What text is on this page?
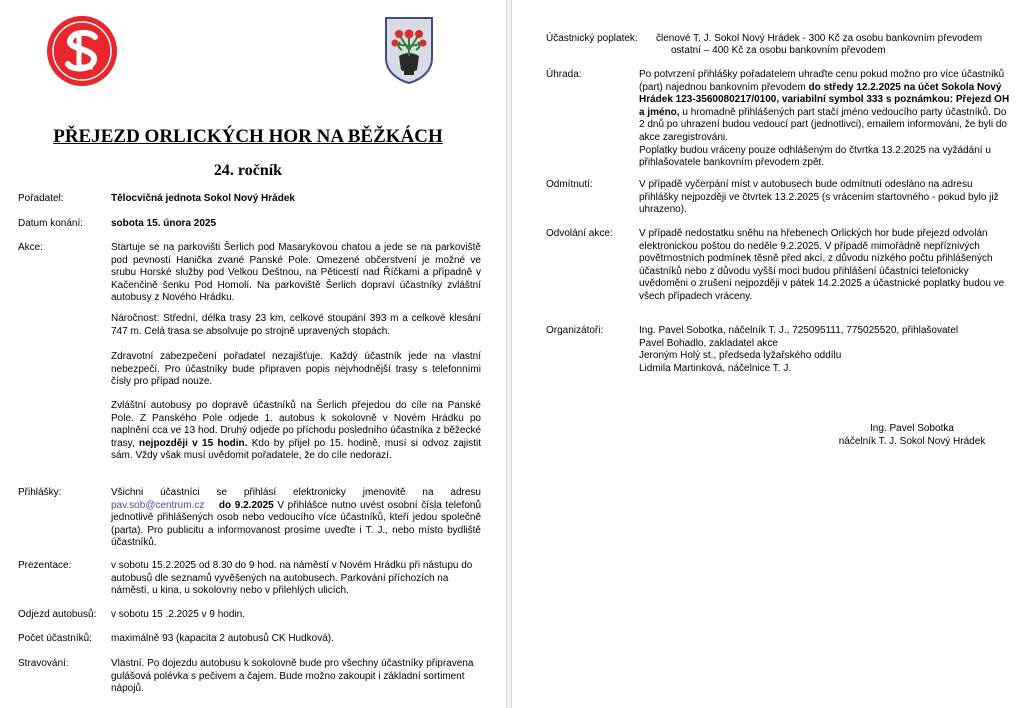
PŘEJEZD ORLICKÝCH HOR NA BĚŽKÁCH
24. ročník
Pořadatel:	Tělocvičná jednota Sokol Nový Hrádek
Datum konání:	sobota 15. února 2025
Akce:	Startuje se na parkovišti Šerlich pod Masarykovou chatou a jede se na parkoviště pod pevností Hanička zvané Panské Pole. Omezené občerstvení je možné ve srubu Horské služby pod Velkou Deštnou, na Pěticestí nad Říčkami a případně v Kačenčině šenku Pod Homolí. Na parkoviště Šerlich dopraví účastníky zvláštní autobusy z Nového Hrádku.
Náročnost: Střední, délka trasy 23 km, celkové stoupání 393 m a celkové klesání 747 m. Celá trasa se absolvuje po strojně upravených stopách.
Zdravotní zabezpečení pořadatel nezajišťuje. Každý účastník jede na vlastní nebezpečí. Pro účastníky bude připraven popis nejvhodnější trasy s telefonními čísly pro případ nouze.
Zvláštní autobusy po dopravě účastníků na Šerlich přejedou do cíle na Panské Pole. Z Panského Pole odjede 1. autobus k sokolovně v Novém Hrádku po naplnění cca ve 13 hod. Druhý odjede po příchodu posledního účastníka z běžecké trasy, nejpozději v 15 hodin. Kdo by přijel po 15. hodině, musí si odvoz zajistit sám. Vždy však musí uvědomit pořadatele, že do cíle nedorazí.
Přihlášky:	Všichni účastníci se přihlásí elektronicky jmenovitě na adresu pav.sob@centrum.cz do 9.2.2025 V přihlášce nutno uvést osobní čísla telefonů jednotlivě přihlášených osob nebo vedoucího více účastníků, kteří jedou společně (parta). Pro publicitu a informovanost prosíme uveďte i T. J., nebo místo bydliště účastníků.
Prezentace:	v sobotu 15.2.2025 od 8.30 do 9 hod. na náměstí v Novém Hrádku při nástupu do autobusů dle seznamů vyvěšených na autobusech. Parkování příchozích na náměstí, u kina, u sokolovny nebo v přilehlých ulicích.
Odjezd autobusů: v sobotu 15 .2.2025 v 9 hodin.
Počet účastníků: maximálně 93 (kapacita 2 autobusů CK Hudková).
Stravování:	Vlastní. Po dojezdu autobusu k sokolovně bude pro všechny účastníky připravena gulášová polévka s pečivem a čajem. Bude možno zakoupit i základní sortiment nápojů.
Účastnický poplatek: členové T. J. Sokol Nový Hrádek - 300 Kč za osobu bankovním převodem
ostatní – 400 Kč za osobu bankovním převodem
Úhrada:	Po potvrzení přihlášky pořadatelem uhraďte cenu pokud možno pro více účastníků (part) najednou bankovním převodem do středy 12.2.2025 na účet Sokola Nový Hrádek 123-3560080217/0100, variabilní symbol 333 s poznámkou: Přejezd OH a jméno, u hromadně přihlášených part stačí jméno vedoucího party účastníků. Do 2 dnů po uhrazení budou vedoucí part (jednotlivci), emailem informováni, že byli do akce zaregistrováni.
Poplatky budou vráceny pouze odhlášeným do čtvrtka 13.2.2025 na vyžádání u přihlašovatele bankovním převodem zpět.
Odmítnutí:	V případě vyčerpání míst v autobusech bude odmítnutí odesláno na adresu přihlášky nejpozději ve čtvrtek 13.2.2025 (s vrácením startovného - pokud bylo již uhrazeno).
Odvolání akce:	V případě nedostatku sněhu na hřebenech Orlických hor bude přejezd odvolán elektronickou poštou do neděle 9.2.2025. V případě mimořádně nepříznivých povětrnostních podmínek těsně před akcí, z důvodu nízkého počtu přihlášených účastníků nebo z důvodu vyšší moci budou přihlášení účastníci telefonicky uvědoměni o zrušení nejpozději v pátek 14.2.2025 a účastnické poplatky budou ve všech případech vráceny.
Organizátoři:	Ing. Pavel Sobotka, náčelník T. J., 725095111, 775025520, přihlašovatel
Pavel Bohadlo, zakladatel akce
Jeroným Holý st., předseda lyžařského oddílu
Lidmila Martinková, náčelnice T. J.
Ing. Pavel Sobotka
náčelník T. J. Sokol Nový Hrádek
